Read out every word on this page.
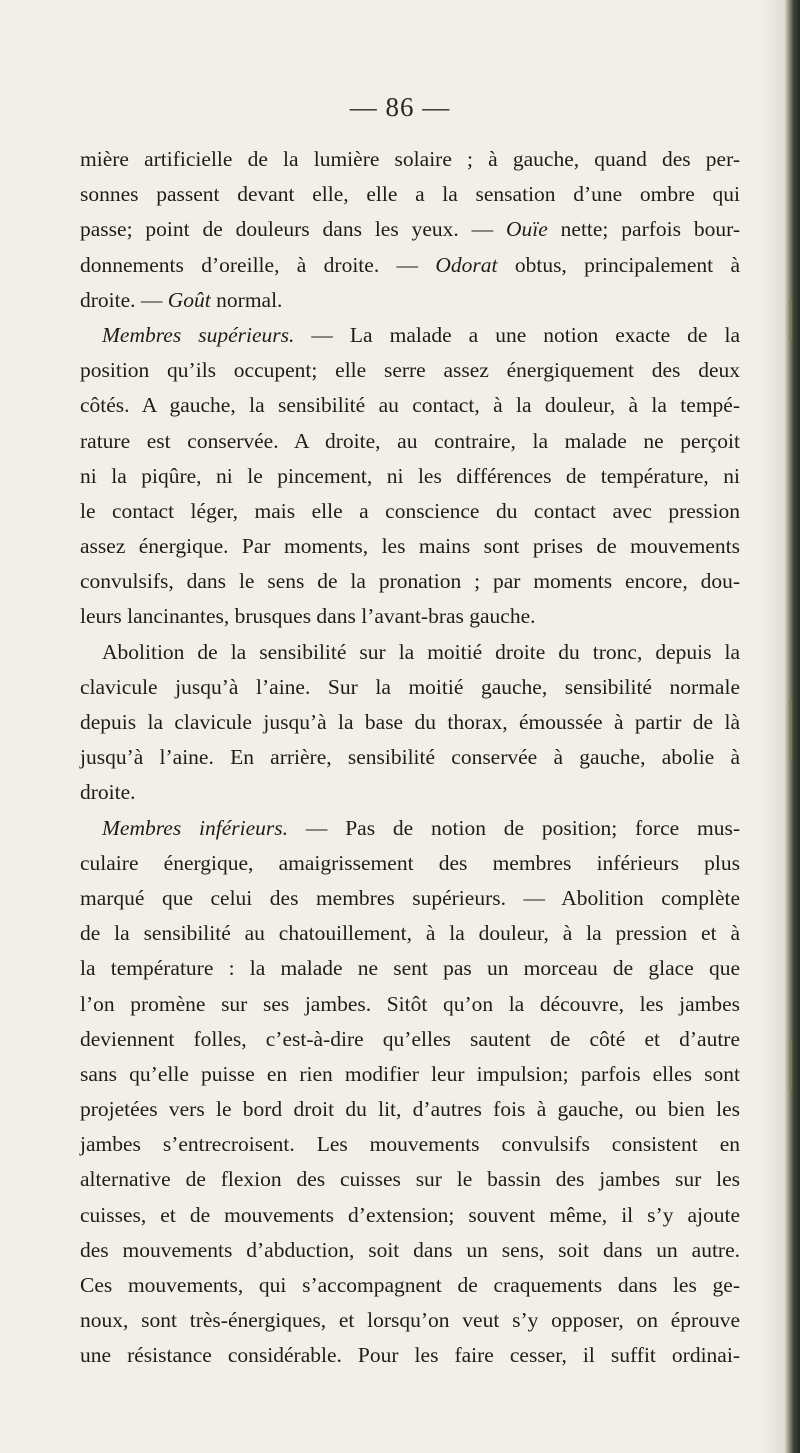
— 86 —
mière artificielle de la lumière solaire ; à gauche, quand des per-
sonnes passent devant elle, elle a la sensation d’une ombre qui
passe; point de douleurs dans les yeux. — Ouïe nette; parfois bour-
donnements d’oreille, à droite. — Odorat obtus, principalement à
droite. — Goût normal.
Membres supérieurs. — La malade a une notion exacte de la
position qu’ils occupent; elle serre assez énergiquement des deux
côtés. A gauche, la sensibilité au contact, à la douleur, à la tempé-
rature est conservée. A droite, au contraire, la malade ne perçoit
ni la piqûre, ni le pincement, ni les différences de température, ni
le contact léger, mais elle a conscience du contact avec pression
assez énergique. Par moments, les mains sont prises de mouvements
convulsifs, dans le sens de la pronation ; par moments encore, dou-
leurs lancinantes, brusques dans l’avant-bras gauche.
Abolition de la sensibilité sur la moitié droite du tronc, depuis la
clavicule jusqu’à l’aine. Sur la moitié gauche, sensibilité normale
depuis la clavicule jusqu’à la base du thorax, émoussée à partir de là
jusqu’à l’aine. En arrière, sensibilité conservée à gauche, abolie à
droite.
Membres inférieurs. — Pas de notion de position; force mus-
culaire énergique, amaigrissement des membres inférieurs plus
marqué que celui des membres supérieurs. — Abolition complète
de la sensibilité au chatouillement, à la douleur, à la pression et à
la température : la malade ne sent pas un morceau de glace que
l’on promène sur ses jambes. Sitôt qu’on la découvre, les jambes
deviennent folles, c’est-à-dire qu’elles sautent de côté et d’autre
sans qu’elle puisse en rien modifier leur impulsion; parfois elles sont
projetées vers le bord droit du lit, d’autres fois à gauche, ou bien les
jambes s’entrecroisent. Les mouvements convulsifs consistent en
alternative de flexion des cuisses sur le bassin des jambes sur les
cuisses, et de mouvements d’extension; souvent même, il s’y ajoute
des mouvements d’abduction, soit dans un sens, soit dans un autre.
Ces mouvements, qui s’accompagnent de craquements dans les ge-
noux, sont très-énergiques, et lorsqu’on veut s’y opposer, on éprouve
une résistance considérable. Pour les faire cesser, il suffit ordinai-
